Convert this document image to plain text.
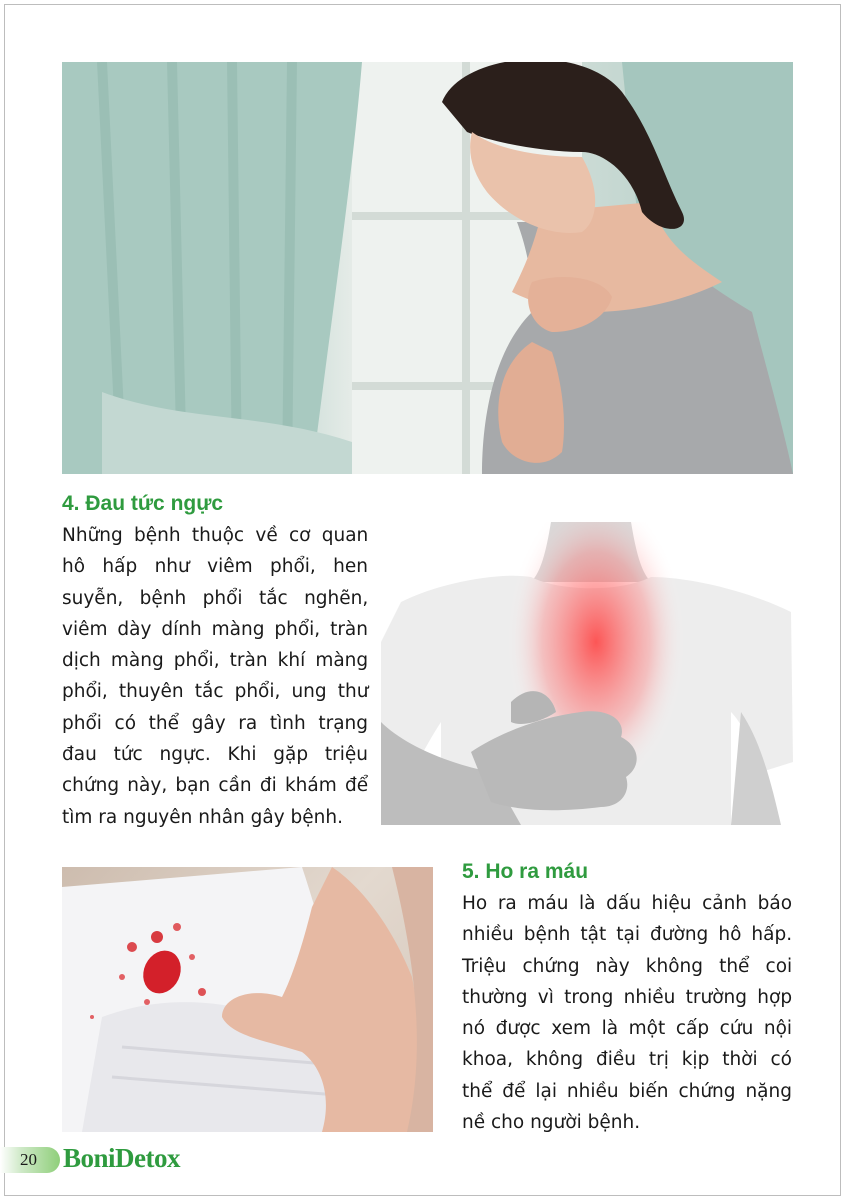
4. Đau tức ngực
Những bệnh thuộc về cơ quan
hô hấp như viêm phổi, hen
suyễn, bệnh phổi tắc nghẽn,
viêm dày dính màng phổi, tràn
dịch màng phổi, tràn khí màng
phổi, thuyên tắc phổi, ung thư
phổi có thể gây ra tình trạng
đau tức ngực. Khi gặp triệu
chứng này, bạn cần đi khám để
tìm ra nguyên nhân gây bệnh.
5. Ho ra máu
Ho ra máu là dấu hiệu cảnh báo
nhiều bệnh tật tại đường hô hấp.
Triệu chứng này không thể coi
thường vì trong nhiều trường hợp
nó được xem là một cấp cứu nội
khoa, không điều trị kịp thời có
thể để lại nhiều biến chứng nặng
nề cho người bệnh.
20 BoniDetox
